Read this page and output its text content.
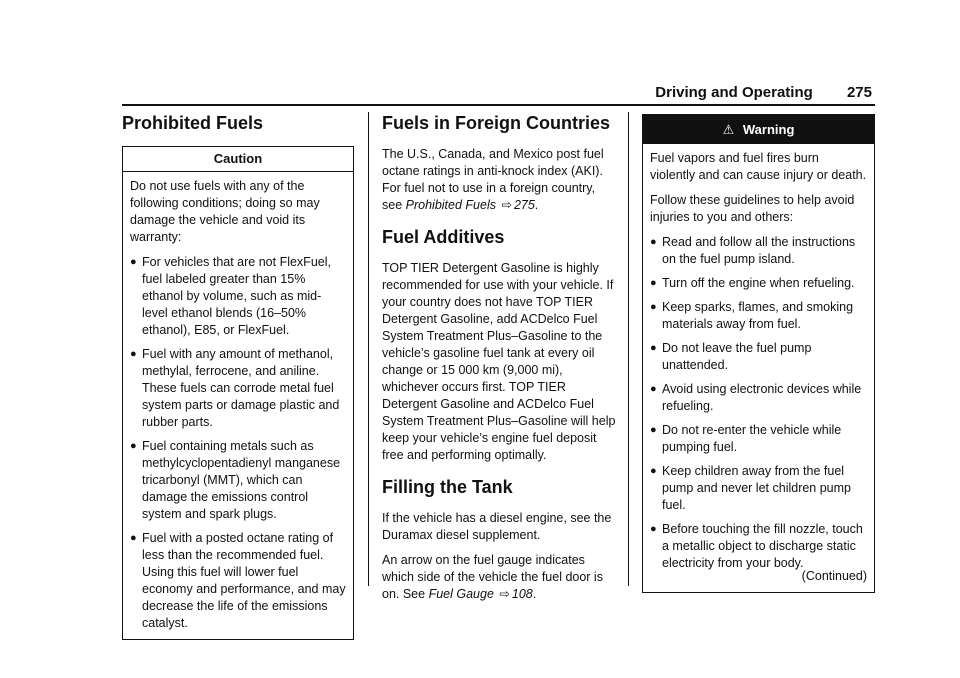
Driving and Operating 275
Prohibited Fuels
Caution

Do not use fuels with any of the following conditions; doing so may damage the vehicle and void its warranty:

● For vehicles that are not FlexFuel, fuel labeled greater than 15% ethanol by volume, such as mid-level ethanol blends (16–50% ethanol), E85, or FlexFuel.
● Fuel with any amount of methanol, methylal, ferrocene, and aniline. These fuels can corrode metal fuel system parts or damage plastic and rubber parts.
● Fuel containing metals such as methylcyclopentadienyl manganese tricarbonyl (MMT), which can damage the emissions control system and spark plugs.
● Fuel with a posted octane rating of less than the recommended fuel. Using this fuel will lower fuel economy and performance, and may decrease the life of the emissions catalyst.
Fuels in Foreign Countries

The U.S., Canada, and Mexico post fuel octane ratings in anti-knock index (AKI). For fuel not to use in a foreign country, see Prohibited Fuels ⇨ 275.

Fuel Additives

TOP TIER Detergent Gasoline is highly recommended for use with your vehicle. If your country does not have TOP TIER Detergent Gasoline, add ACDelco Fuel System Treatment Plus–Gasoline to the vehicle’s gasoline fuel tank at every oil change or 15 000 km (9,000 mi), whichever occurs first. TOP TIER Detergent Gasoline and ACDelco Fuel System Treatment Plus–Gasoline will help keep your vehicle’s engine fuel deposit free and performing optimally.

Filling the Tank

If the vehicle has a diesel engine, see the Duramax diesel supplement.

An arrow on the fuel gauge indicates which side of the vehicle the fuel door is on. See Fuel Gauge ⇨ 108.

⚠ Warning

Fuel vapors and fuel fires burn violently and can cause injury or death.

Follow these guidelines to help avoid injuries to you and others:

● Read and follow all the instructions on the fuel pump island.
● Turn off the engine when refueling.
● Keep sparks, flames, and smoking materials away from fuel.
● Do not leave the fuel pump unattended.
● Avoid using electronic devices while refueling.
● Do not re-enter the vehicle while pumping fuel.
● Keep children away from the fuel pump and never let children pump fuel.
● Before touching the fill nozzle, touch a metallic object to discharge static electricity from your body.
(Continued)
